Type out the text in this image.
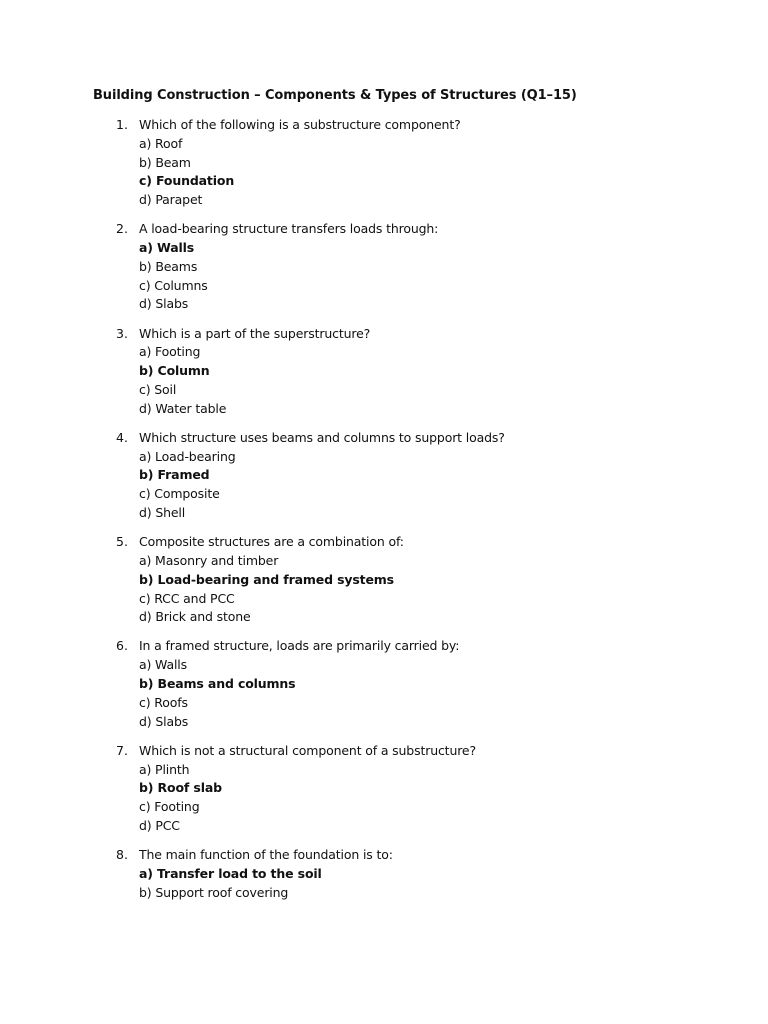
Building Construction – Components & Types of Structures (Q1–15)
1. Which of the following is a substructure component?
a) Roof
b) Beam
c) Foundation
d) Parapet
2. A load-bearing structure transfers loads through:
a) Walls
b) Beams
c) Columns
d) Slabs
3. Which is a part of the superstructure?
a) Footing
b) Column
c) Soil
d) Water table
4. Which structure uses beams and columns to support loads?
a) Load-bearing
b) Framed
c) Composite
d) Shell
5. Composite structures are a combination of:
a) Masonry and timber
b) Load-bearing and framed systems
c) RCC and PCC
d) Brick and stone
6. In a framed structure, loads are primarily carried by:
a) Walls
b) Beams and columns
c) Roofs
d) Slabs
7. Which is not a structural component of a substructure?
a) Plinth
b) Roof slab
c) Footing
d) PCC
8. The main function of the foundation is to:
a) Transfer load to the soil
b) Support roof covering
